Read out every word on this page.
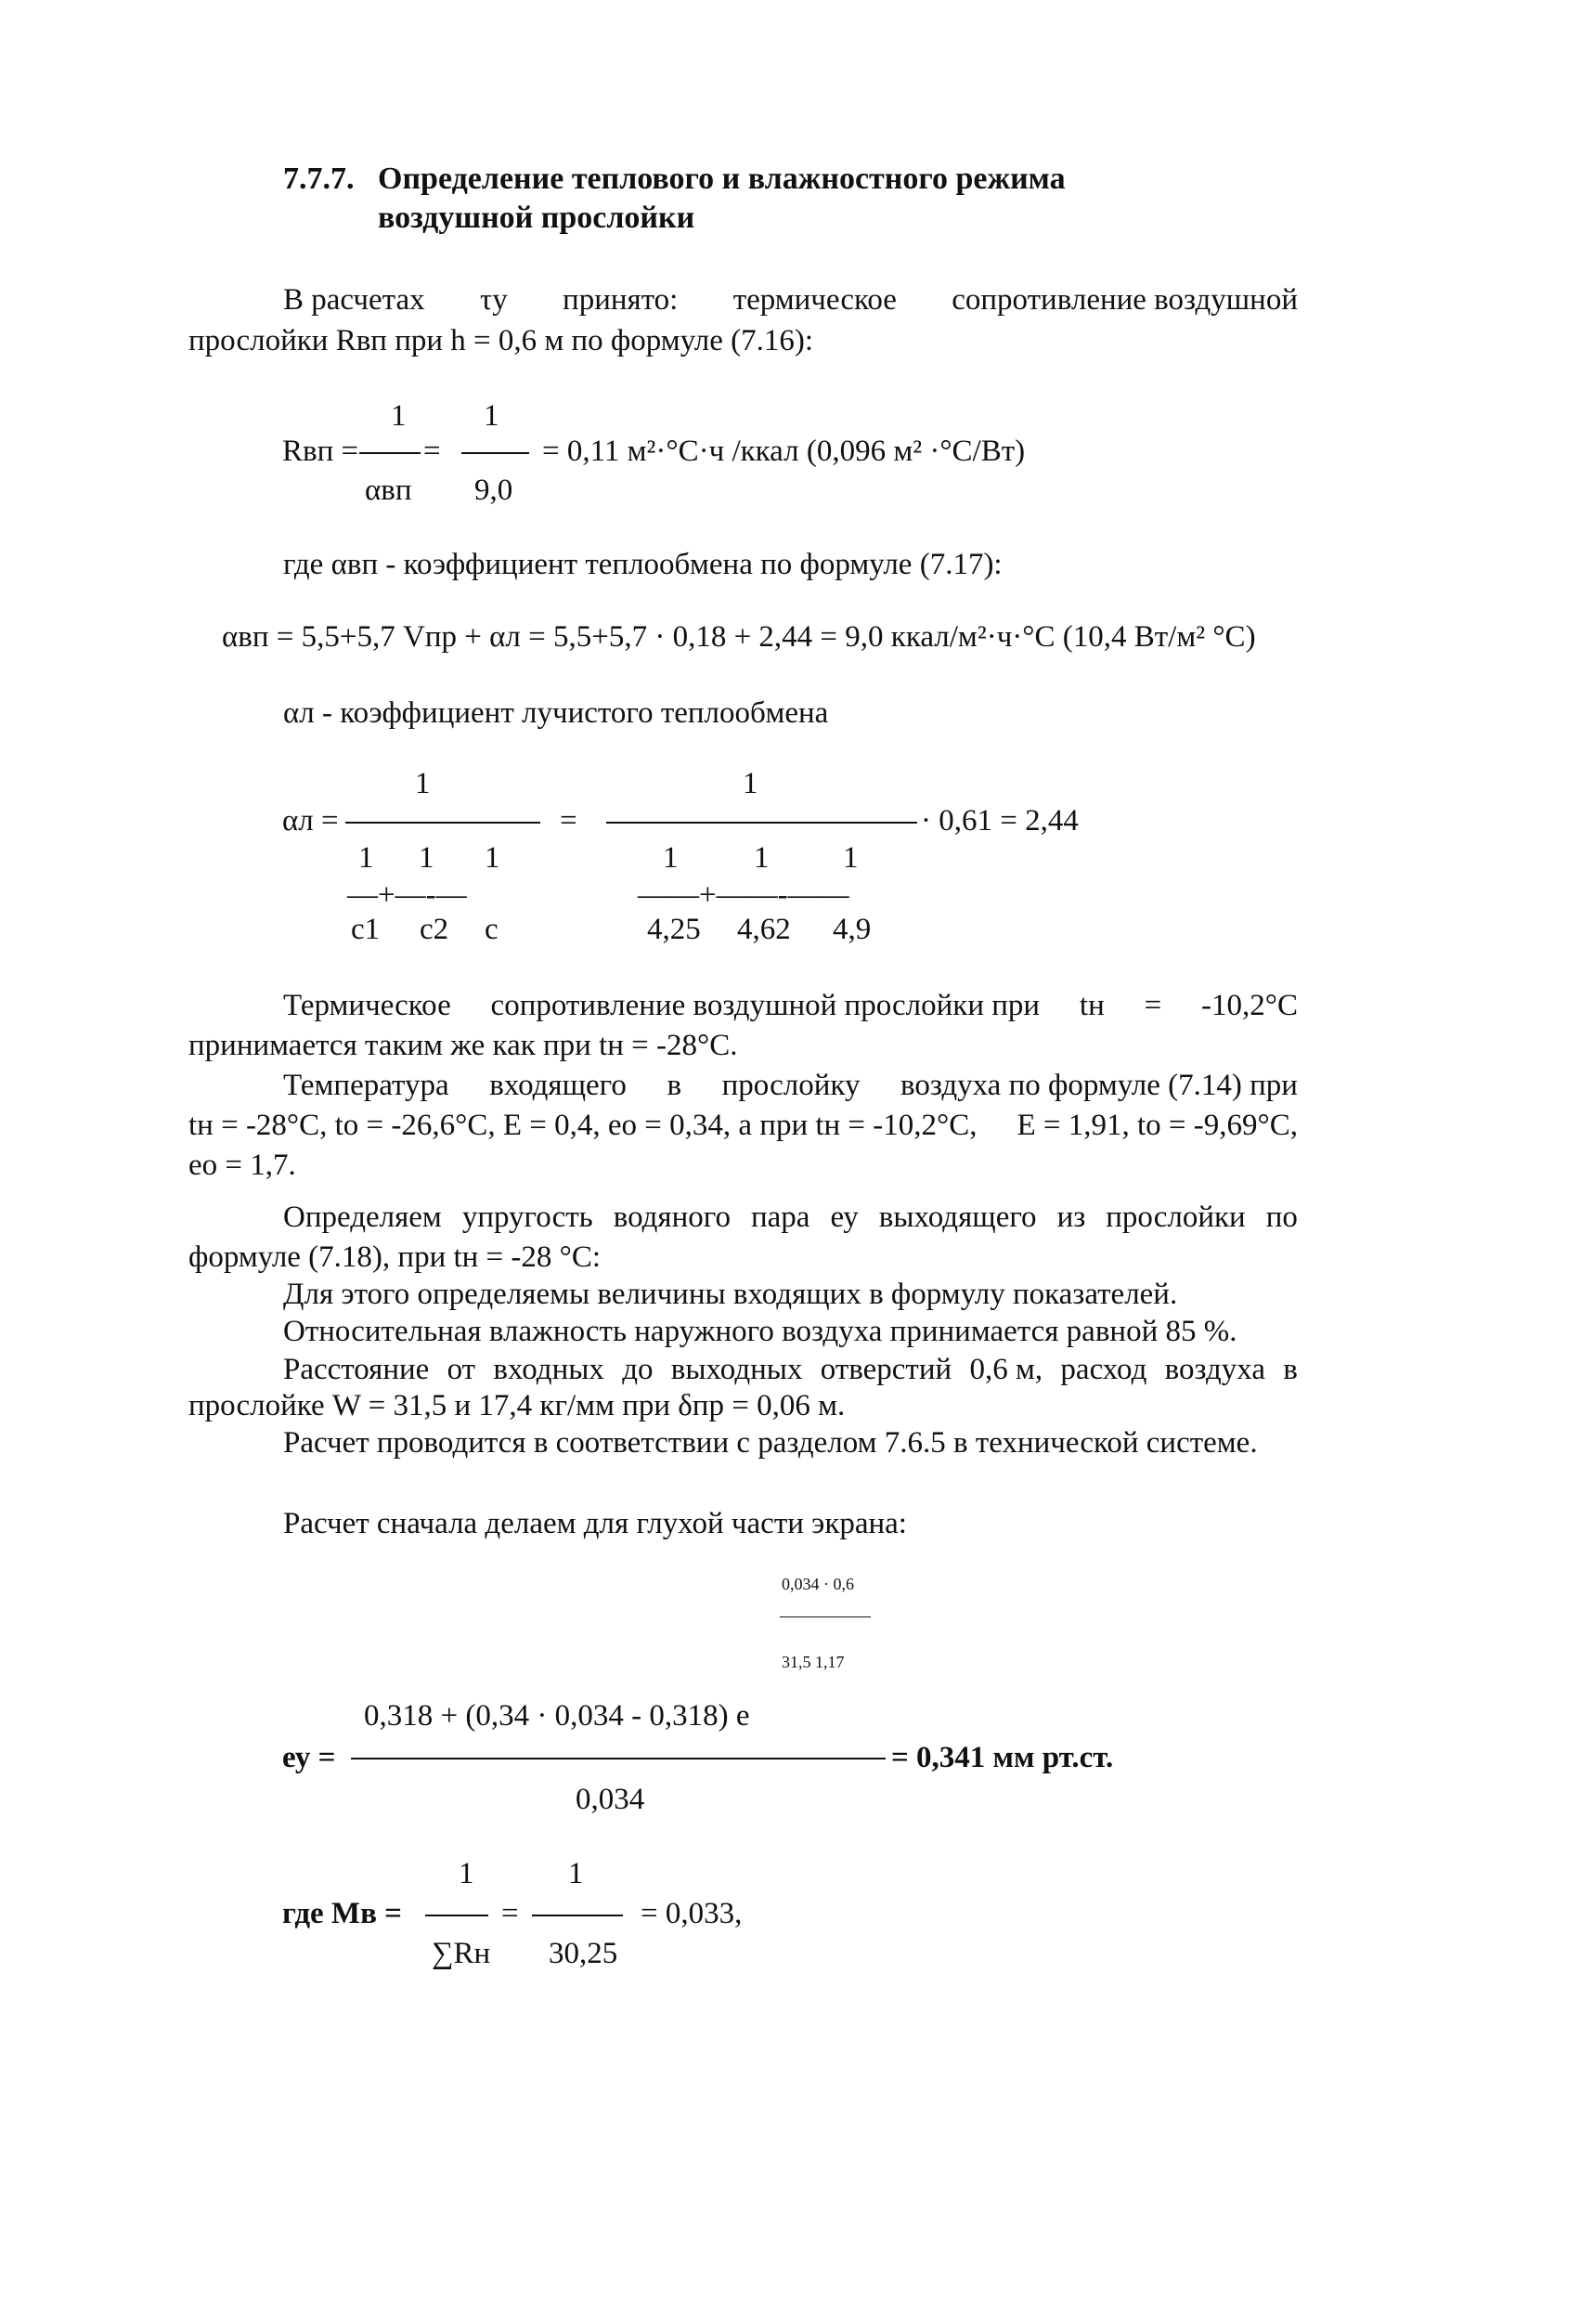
7.7.7. Определение теплового и влажностного режима
воздушной прослойки
В расчетах τу принято: термическое сопротивление воздушной
прослойки Rвп при h = 0,6 м по формуле (7.16):
1	1
Rвп = =	= 0,11 м²·°С·ч /ккал (0,096 м² ·°С/Вт)
αвп 9,0
где αвп - коэффициент теплообмена по формуле (7.17):
αвп = 5,5+5,7 Vпр + αл = 5,5+5,7 · 0,18 + 2,44 = 9,0 ккал/м²·ч·°С (10,4 Вт/м² °С)
αл - коэффициент лучистого теплообмена
1	1
αл =	=	· 0,61 = 2,44
1 1 1	1 1 1
—+—-—	——+——-——
c1 c2 c	4,25 4,62 4,9
Термическое сопротивление воздушной прослойки при tн = -10,2°С
принимается таким же как при tн = -28°С.
Температура входящего в прослойку воздуха по формуле (7.14) при
tн = -28°С, tо = -26,6°С, Е = 0,4, ео = 0,34, а при tн = -10,2°С, Е = 1,91, tо = -9,69°С,
ео = 1,7.
Определяем упругость водяного пара еу выходящего из прослойки по
формуле (7.18), при tн = -28 °С:
Для этого определяемы величины входящих в формулу показателей.
Относительная влажность наружного воздуха принимается равной 85 %.
Расстояние от входных до выходных отверстий 0,6 м, расход воздуха в
прослойке W = 31,5 и 17,4 кг/мм при δпр = 0,06 м.
Расчет проводится в соответствии с разделом 7.6.5 в технической системе.
Расчет сначала делаем для глухой части экрана:
0,034 · 0,6
31,5 1,17
0,318 + (0,34 · 0,034 - 0,318) е
еу =	= 0,341 мм рт.ст.
0,034
1	1
где Мв =	=	= 0,033,
∑Rн 30,25
